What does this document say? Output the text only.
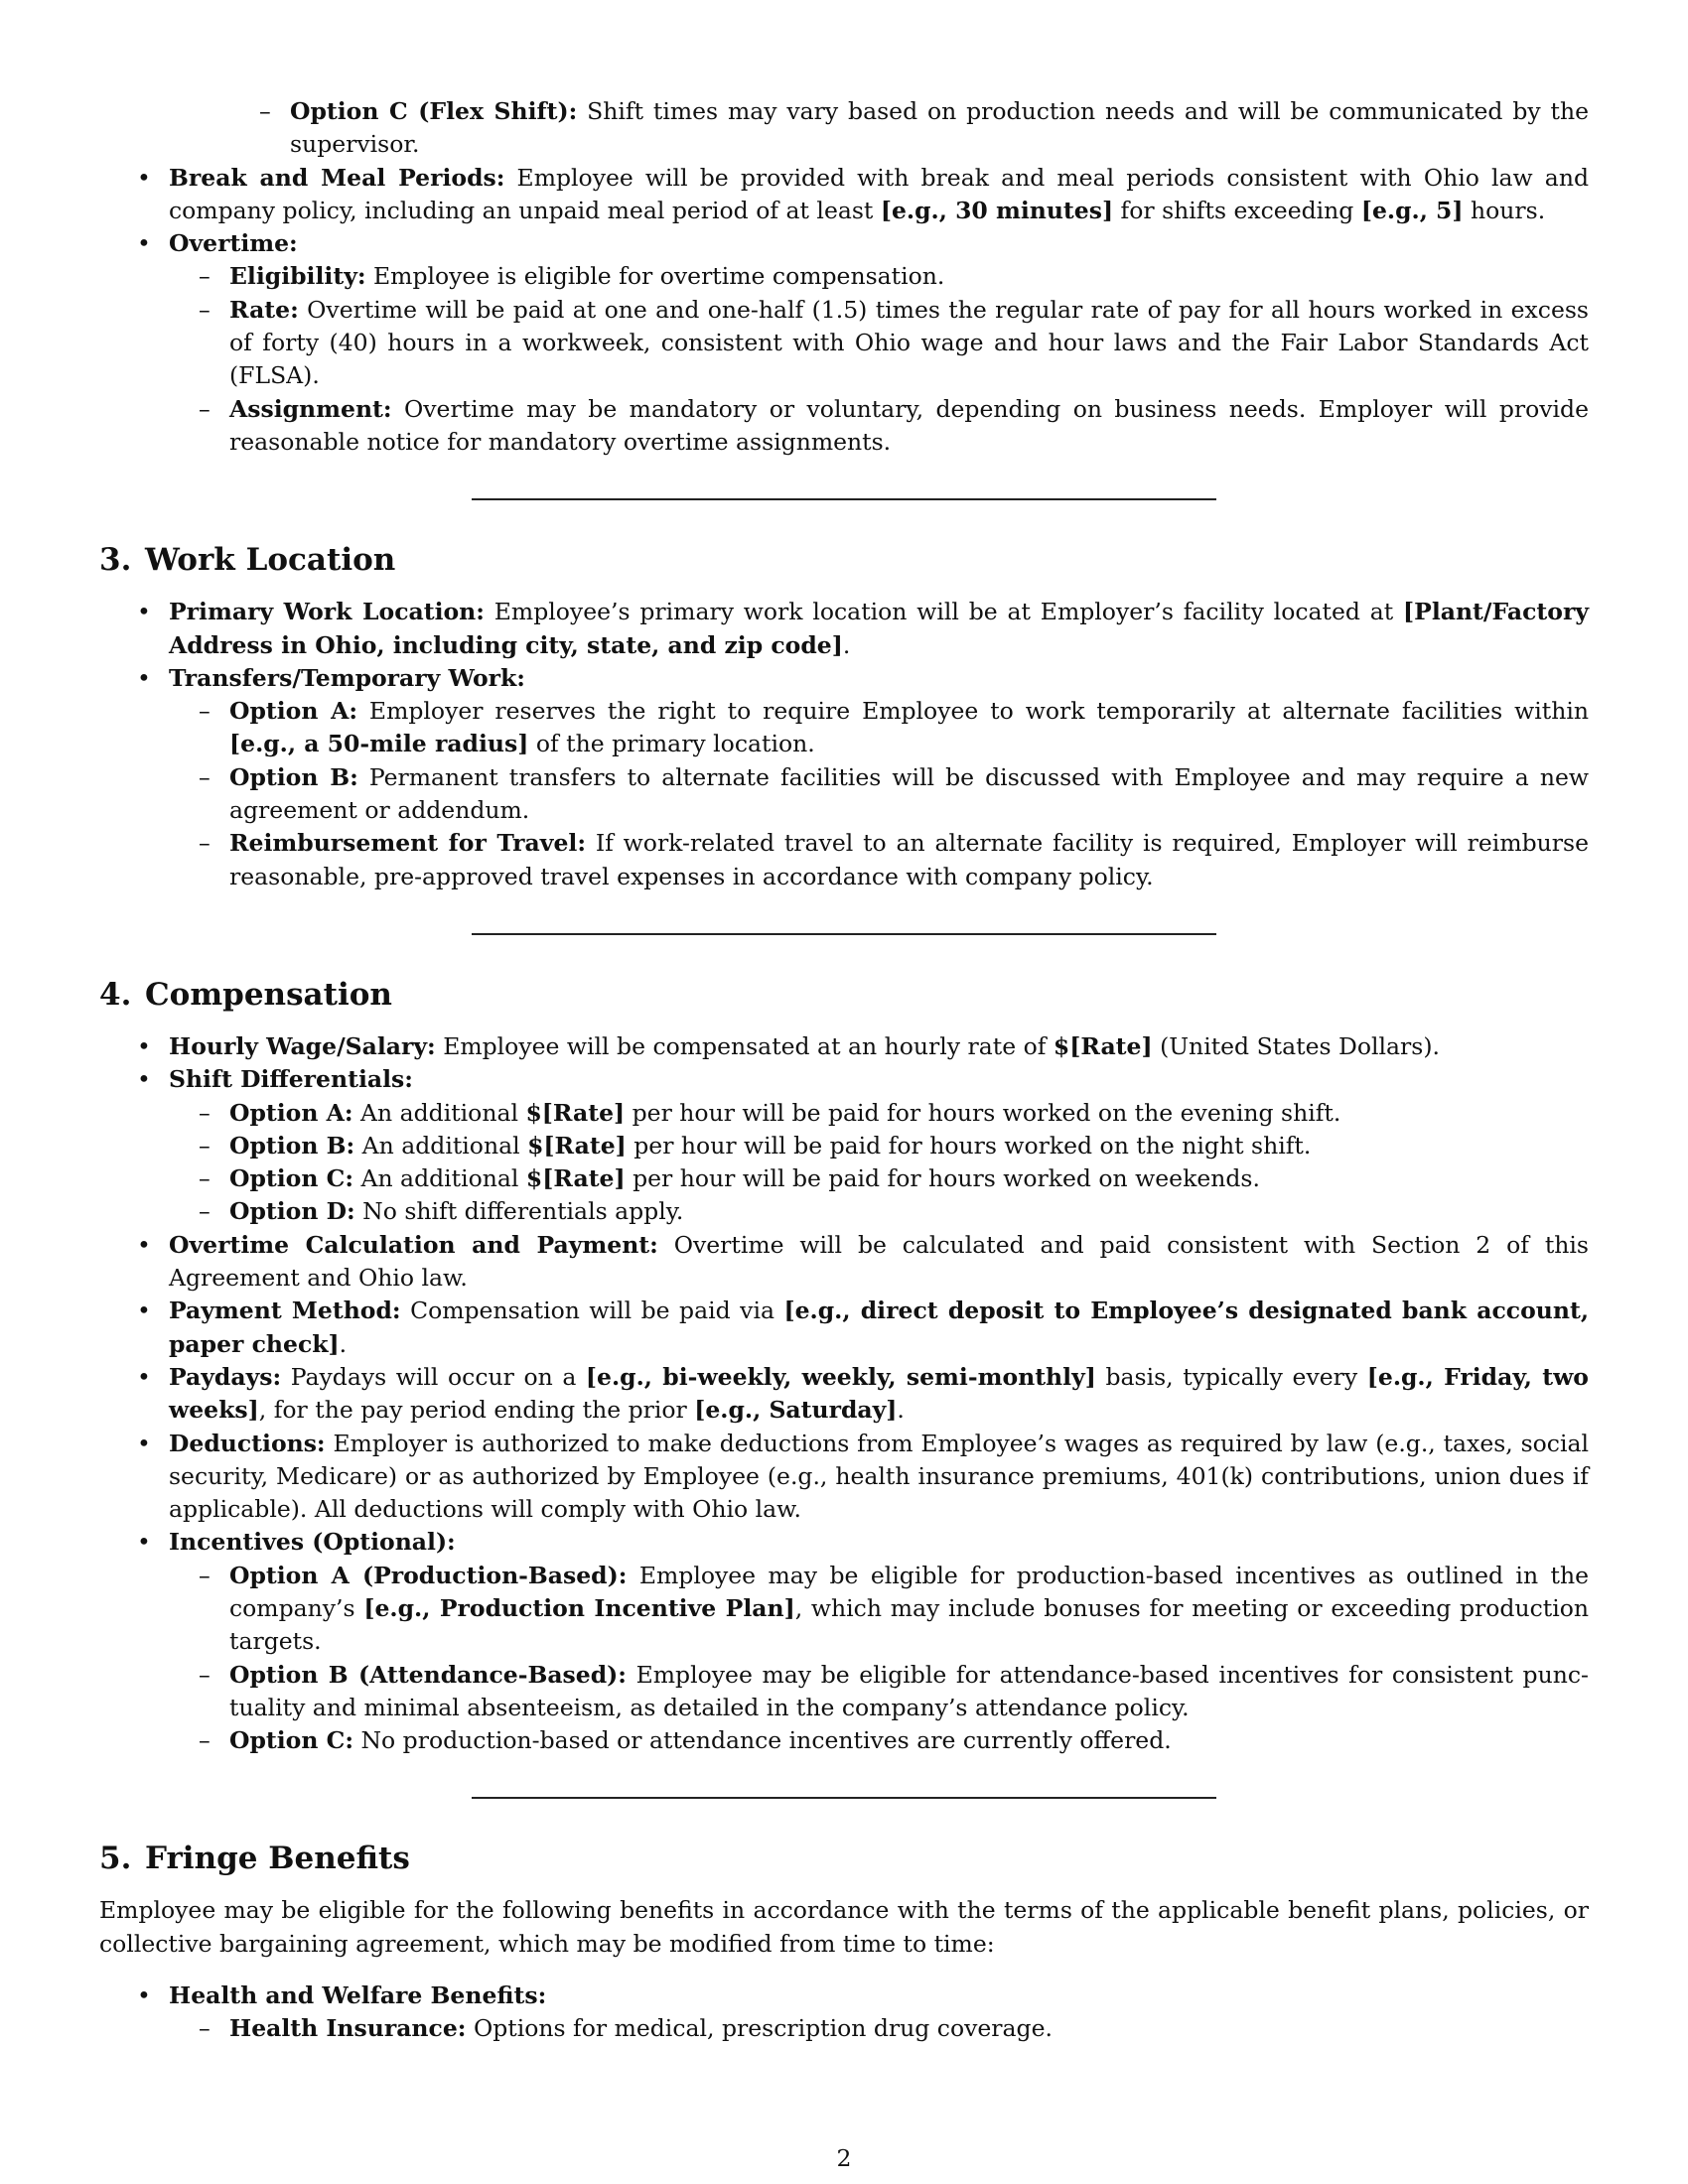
– Option C (Flex Shift): Shift times may vary based on production needs and will be communicated by the supervisor.
• Break and Meal Periods: Employee will be provided with break and meal periods consistent with Ohio law and company policy, including an unpaid meal period of at least [e.g., 30 minutes] for shifts exceeding [e.g., 5] hours.
• Overtime:
– Eligibility: Employee is eligible for overtime compensation.
– Rate: Overtime will be paid at one and one-half (1.5) times the regular rate of pay for all hours worked in excess of forty (40) hours in a workweek, consistent with Ohio wage and hour laws and the Fair Labor Standards Act (FLSA).
– Assignment: Overtime may be mandatory or voluntary, depending on business needs. Employer will provide reasonable notice for mandatory overtime assignments.
3. Work Location
• Primary Work Location: Employee’s primary work location will be at Employer’s facility located at [Plant/Factory Address in Ohio, including city, state, and zip code].
• Transfers/Temporary Work:
– Option A: Employer reserves the right to require Employee to work temporarily at alternate facilities within [e.g., a 50-mile radius] of the primary location.
– Option B: Permanent transfers to alternate facilities will be discussed with Employee and may require a new agreement or addendum.
– Reimbursement for Travel: If work-related travel to an alternate facility is required, Employer will reimburse reasonable, pre-approved travel expenses in accordance with company policy.
4. Compensation
• Hourly Wage/Salary: Employee will be compensated at an hourly rate of $[Rate] (United States Dollars).
• Shift Differentials:
– Option A: An additional $[Rate] per hour will be paid for hours worked on the evening shift.
– Option B: An additional $[Rate] per hour will be paid for hours worked on the night shift.
– Option C: An additional $[Rate] per hour will be paid for hours worked on weekends.
– Option D: No shift differentials apply.
• Overtime Calculation and Payment: Overtime will be calculated and paid consistent with Section 2 of this Agreement and Ohio law.
• Payment Method: Compensation will be paid via [e.g., direct deposit to Employee’s designated bank account, paper check].
• Paydays: Paydays will occur on a [e.g., bi-weekly, weekly, semi-monthly] basis, typically every [e.g., Friday, two weeks], for the pay period ending the prior [e.g., Saturday].
• Deductions: Employer is authorized to make deductions from Employee’s wages as required by law (e.g., taxes, social security, Medicare) or as authorized by Employee (e.g., health insurance premiums, 401(k) contributions, union dues if applicable). All deductions will comply with Ohio law.
• Incentives (Optional):
– Option A (Production-Based): Employee may be eligible for production-based incentives as outlined in the company’s [e.g., Production Incentive Plan], which may include bonuses for meeting or exceeding production targets.
– Option B (Attendance-Based): Employee may be eligible for attendance-based incentives for consistent punctuality and minimal absenteeism, as detailed in the company’s attendance policy.
– Option C: No production-based or attendance incentives are currently offered.
5. Fringe Benefits

Employee may be eligible for the following benefits in accordance with the terms of the applicable benefit plans, policies, or collective bargaining agreement, which may be modified from time to time:

• Health and Welfare Benefits:
– Health Insurance: Options for medical, prescription drug coverage.
2
